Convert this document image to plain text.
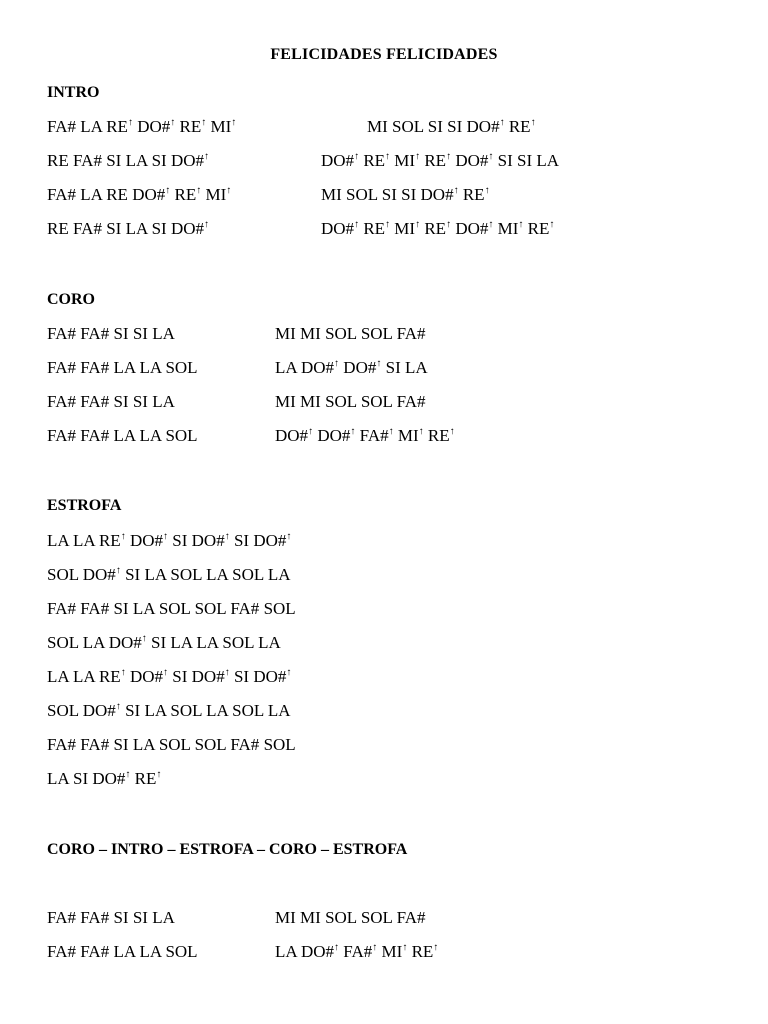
FELICIDADES FELICIDADES
INTRO
FA# LA RE↑ DO#↑ RE↑ MI↑	MI SOL SI SI DO#↑ RE↑
RE FA# SI LA SI DO#↑	DO#↑ RE↑ MI↑ RE↑ DO#↑ SI SI LA
FA# LA RE DO#↑ RE↑ MI↑	MI SOL SI SI DO#↑ RE↑
RE FA# SI LA SI DO#↑	DO#↑ RE↑ MI↑ RE↑ DO#↑ MI↑ RE↑
CORO
FA# FA# SI SI LA	MI MI SOL SOL FA#
FA# FA# LA LA SOL	LA DO#↑ DO#↑ SI LA
FA# FA# SI SI LA	MI MI SOL SOL FA#
FA# FA# LA LA SOL	DO#↑ DO#↑ FA#↑ MI↑ RE↑
ESTROFA
LA LA RE↑ DO#↑ SI DO#↑ SI DO#↑
SOL DO#↑ SI LA SOL LA SOL LA
FA# FA# SI LA SOL SOL FA# SOL
SOL LA DO#↑ SI LA LA SOL LA
LA LA RE↑ DO#↑ SI DO#↑ SI DO#↑
SOL DO#↑ SI LA SOL LA SOL LA
FA# FA# SI LA SOL SOL FA# SOL
LA SI DO#↑ RE↑
CORO – INTRO – ESTROFA – CORO – ESTROFA
FA# FA# SI SI LA	MI MI SOL SOL FA#
FA# FA# LA LA SOL	LA DO#↑ FA#↑ MI↑ RE↑
